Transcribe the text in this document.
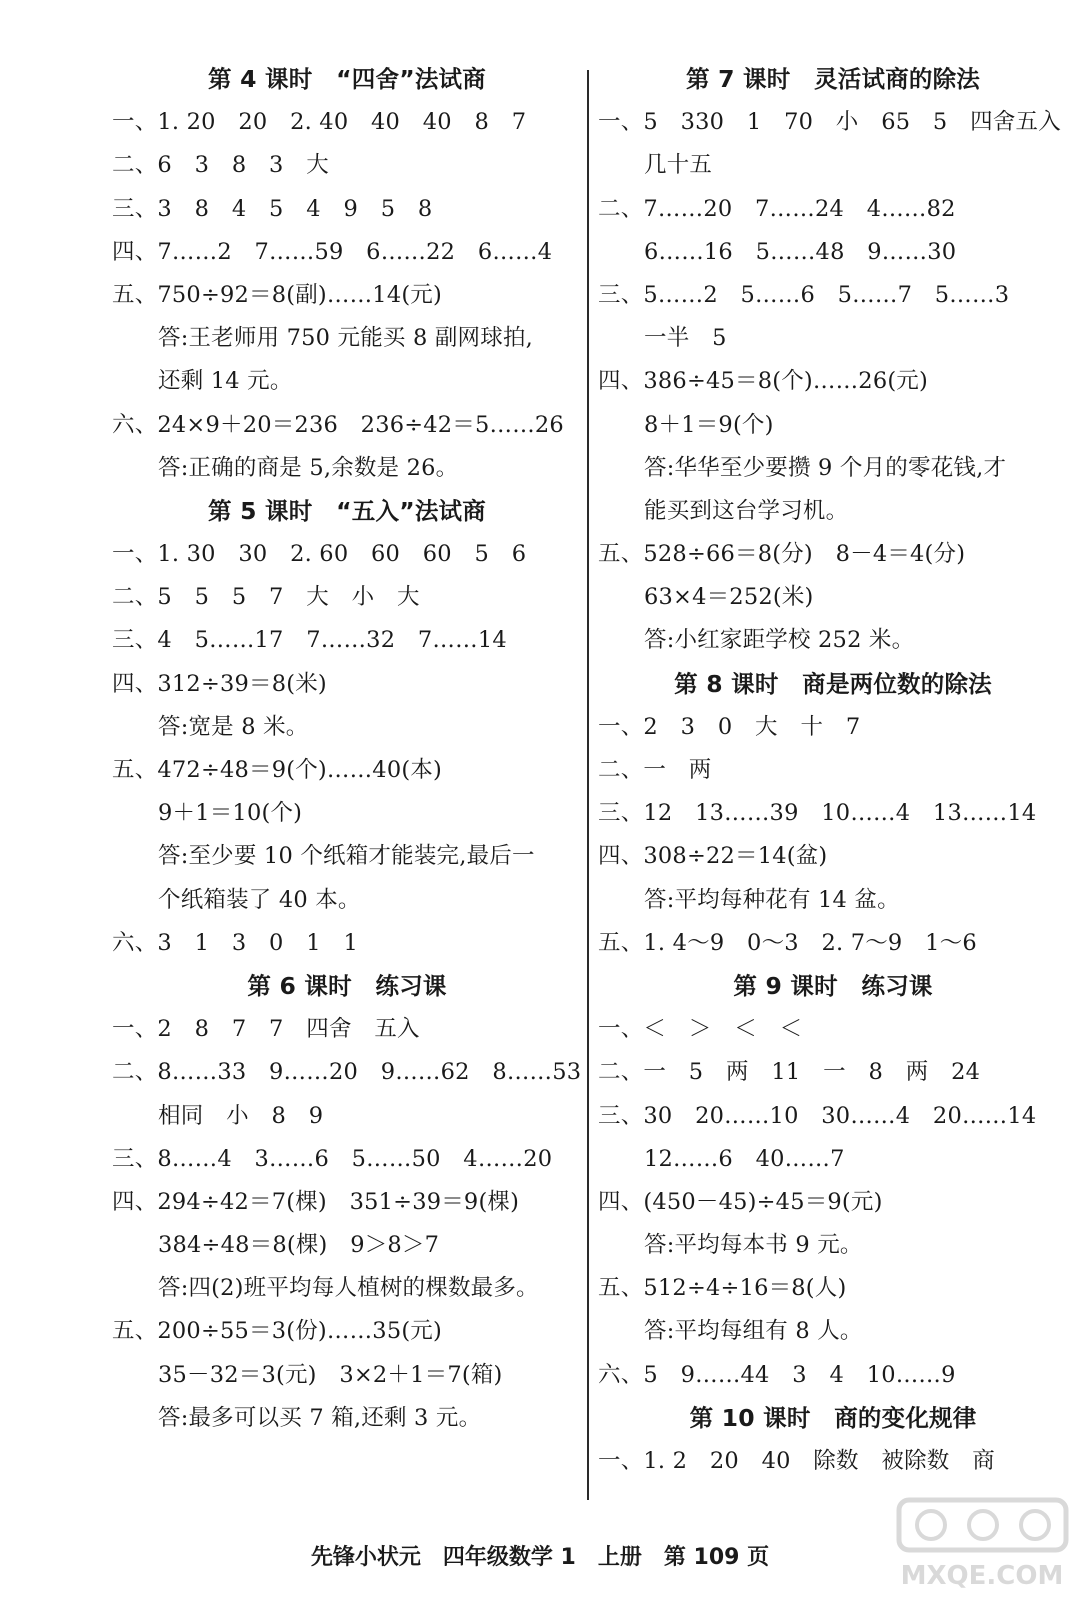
第 4 课时　“四舍”法试商
一、1. 20　20　2. 40　40　40　8　7
二、6　3　8　3　大
三、3　8　4　5　4　9　5　8
四、7……2　7……59　6……22　6……4
五、750÷92＝8(副)……14(元)
答:王老师用 750 元能买 8 副网球拍,
还剩 14 元。
六、24×9＋20＝236　236÷42＝5……26
答:正确的商是 5,余数是 26。
第 5 课时　“五入”法试商
一、1. 30　30　2. 60　60　60　5　6
二、5　5　5　7　大　小　大
三、4　5……17　7……32　7……14
四、312÷39＝8(米)
答:宽是 8 米。
五、472÷48＝9(个)……40(本)
9＋1＝10(个)
答:至少要 10 个纸箱才能装完,最后一
个纸箱装了 40 本。
六、3　1　3　0　1　1
第 6 课时　练习课
一、2　8　7　7　四舍　五入
二、8……33　9……20　9……62　8……53
相同　小　8　9
三、8……4　3……6　5……50　4……20
四、294÷42＝7(棵)　351÷39＝9(棵)
384÷48＝8(棵)　9＞8＞7
答:四(2)班平均每人植树的棵数最多。
五、200÷55＝3(份)……35(元)
35－32＝3(元)　3×2＋1＝7(箱)
答:最多可以买 7 箱,还剩 3 元。
第 7 课时　灵活试商的除法
一、5　330　1　70　小　65　5　四舍五入
几十五
二、7……20　7……24　4……82
6……16　5……48　9……30
三、5……2　5……6　5……7　5……3
一半　5
四、386÷45＝8(个)……26(元)
8＋1＝9(个)
答:华华至少要攒 9 个月的零花钱,才
能买到这台学习机。
五、528÷66＝8(分)　8－4＝4(分)
63×4＝252(米)
答:小红家距学校 252 米。
第 8 课时　商是两位数的除法
一、2　3　0　大　十　7
二、一　两
三、12　13……39　10……4　13……14
四、308÷22＝14(盆)
答:平均每种花有 14 盆。
五、1. 4～9　0～3　2. 7～9　1～6
第 9 课时　练习课
一、＜　＞　＜　＜
二、一　5　两　11　一　8　两　24
三、30　20……10　30……4　20……14
12……6　40……7
四、(450－45)÷45＝9(元)
答:平均每本书 9 元。
五、512÷4÷16＝8(人)
答:平均每组有 8 人。
六、5　9……44　3　4　10……9
第 10 课时　商的变化规律
一、1. 2　20　40　除数　被除数　商
先锋小状元　四年级数学 1　上册　第 109 页
MXQE.COM
